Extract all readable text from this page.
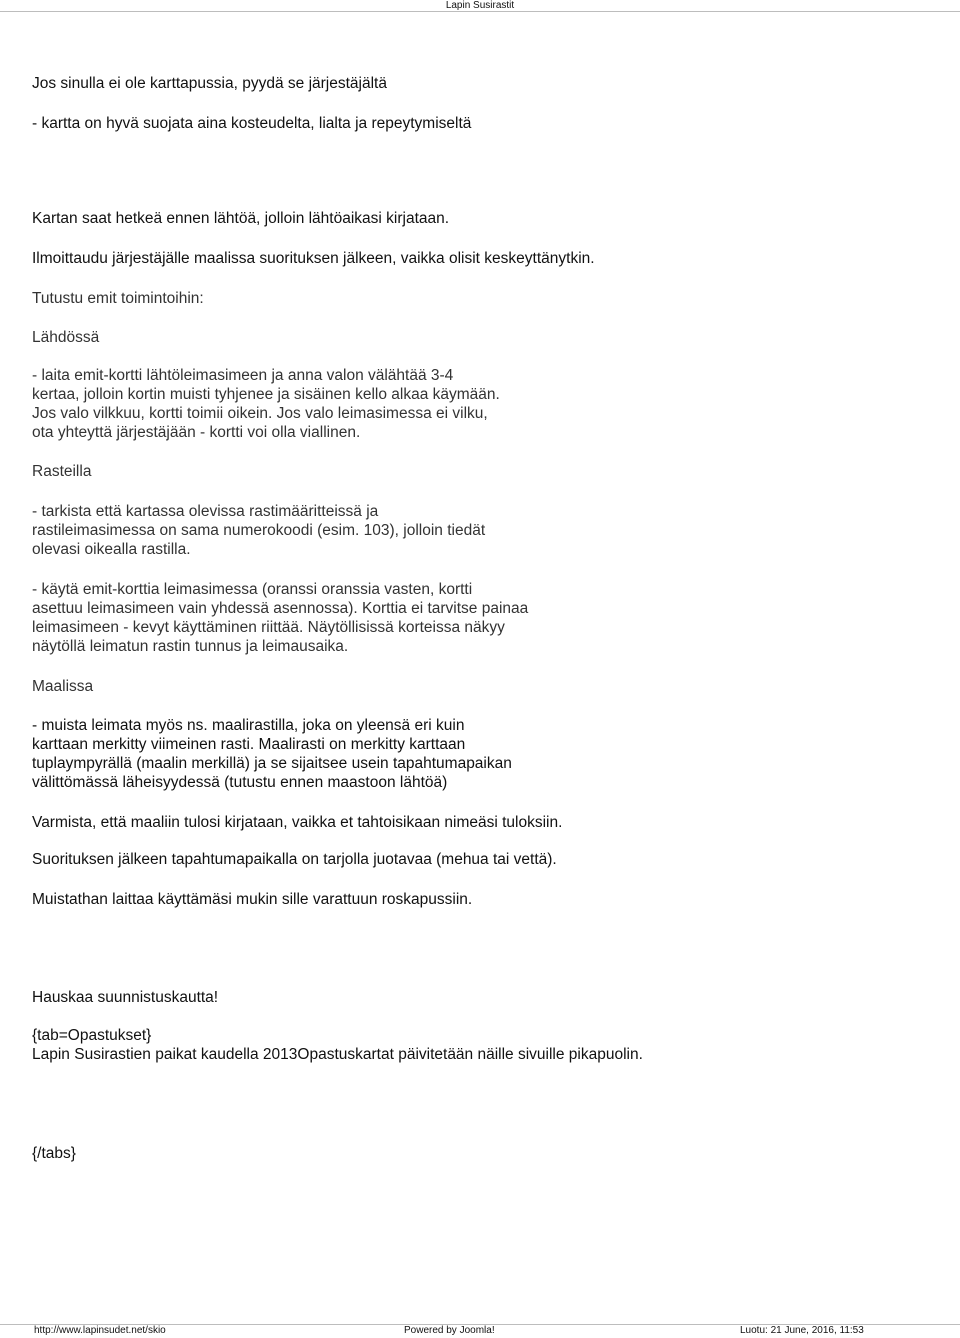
Lapin Susirastit
Jos sinulla ei ole karttapussia, pyydä se järjestäjältä
- kartta on hyvä suojata aina kosteudelta, lialta ja repeytymiseltä
Kartan saat hetkeä ennen lähtöä, jolloin lähtöaikasi kirjataan.
Ilmoittaudu järjestäjälle maalissa suorituksen jälkeen, vaikka olisit keskeyttänytkin.
Tutustu emit toimintoihin:
Lähdössä
- laita emit-kortti lähtöleimasimeen ja anna valon välähtää 3-4
kertaa, jolloin kortin muisti tyhjenee ja sisäinen kello alkaa käymään.
Jos valo vilkkuu, kortti toimii oikein. Jos valo leimasimessa ei vilku,
ota yhteyttä järjestäjään - kortti voi olla viallinen.
Rasteilla
- tarkista että kartassa olevissa rastimääritteissä ja
rastileimasimessa on sama numerokoodi (esim. 103), jolloin tiedät
olevasi oikealla rastilla.
- käytä emit-korttia leimasimessa (oranssi oranssia vasten, kortti
asettuu leimasimeen vain yhdessä asennossa). Korttia ei tarvitse painaa
leimasimeen - kevyt käyttäminen riittää. Näytöllisissä korteissa näkyy
näytöllä leimatun rastin tunnus ja leimausaika.
Maalissa
- muista leimata myös ns. maalirastilla, joka on yleensä eri kuin
karttaan merkitty viimeinen rasti. Maalirasti on merkitty karttaan
tuplaympyrällä (maalin merkillä) ja se sijaitsee usein tapahtumapaikan
välittömässä läheisyydessä (tutustu ennen maastoon lähtöä)
Varmista, että maaliin tulosi kirjataan, vaikka et tahtoisikaan nimeäsi tuloksiin.
Suorituksen jälkeen tapahtumapaikalla on tarjolla juotavaa (mehua tai vettä).
Muistathan laittaa käyttämäsi mukin sille varattuun roskapussiin.
Hauskaa suunnistuskautta!
{tab=Opastukset}
Lapin Susirastien paikat kaudella 2013Opastuskartat päivitetään näille sivuille pikapuolin.
{/tabs}
http://www.lapinsudet.net/skio	Powered by Joomla!	Luotu: 21 June, 2016, 11:53
